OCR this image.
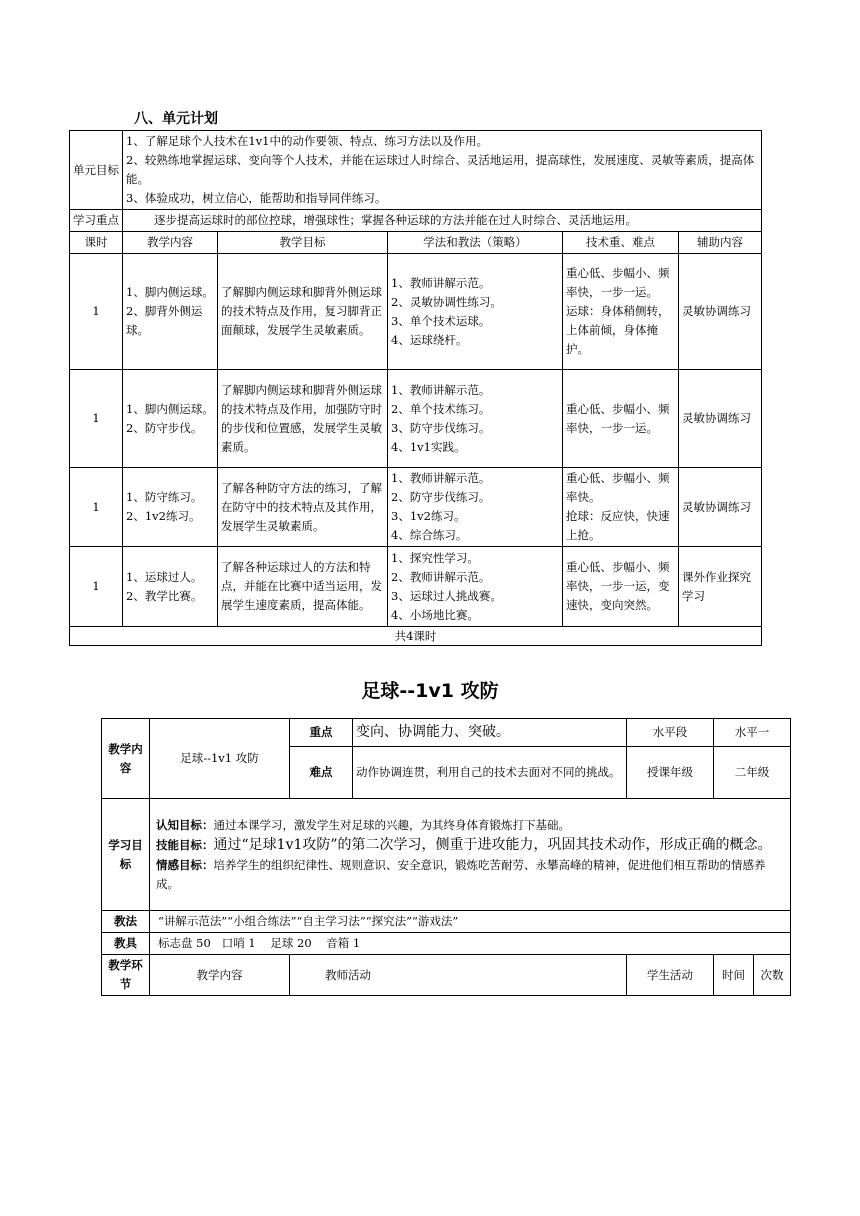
八、单元计划
单元目标	1、了解足球个人技术在1v1中的动作要领、特点、练习方法以及作用。
2、较熟练地掌握运球、变向等个人技术，并能在运球过人时综合、灵活地运用，提高球性，发展速度、灵敏等素质，提高体能。
3、体验成功，树立信心，能帮助和指导同伴练习。				

学习重点	逐步提高运球时的部位控球，增强球性；掌握各种运球的方法并能在过人时综合、灵活地运用。				
课时	教学内容	教学目标	学法和教法（策略）	技术重、难点	辅助内容
1	1、脚内侧运球。
2、脚背外侧运球。	了解脚内侧运球和脚背外侧运球的技术特点及作用，复习脚背正面颠球，发展学生灵敏素质。	1、教师讲解示范。
2、灵敏协调性练习。
3、单个技术运球。
4、运球绕杆。	重心低、步幅小、频率快，一步一运。
运球：身体稍侧转，上体前倾，身体掩护。	灵敏协调练习
1	1、脚内侧运球。
2、防守步伐。	了解脚内侧运球和脚背外侧运球的技术特点及作用，加强防守时的步伐和位置感，发展学生灵敏素质。	1、教师讲解示范。
2、单个技术练习。
3、防守步伐练习。
4、1v1实践。	重心低、步幅小、频率快，一步一运。	灵敏协调练习
1	1、防守练习。
2、1v2练习。	了解各种防守方法的练习，了解在防守中的技术特点及其作用，发展学生灵敏素质。	1、教师讲解示范。
2、防守步伐练习。
3、1v2练习。
4、综合练习。	重心低、步幅小、频率快。
抢球：反应快，快速上抢。	灵敏协调练习
1	1、运球过人。
2、教学比赛。	了解各种运球过人的方法和特点，并能在比赛中适当运用，发展学生速度素质，提高体能。	1、探究性学习。
2、教师讲解示范。
3、运球过人挑战赛。
4、小场地比赛。	重心低、步幅小、频率快，一步一运，变速快，变向突然。	课外作业探究学习
共4课时					
足球--1v1 攻防
教学内容	足球--1v1 攻防	重点	变向、协调能力、突破。	水平段	水平一	
		难点	动作协调连贯，利用自己的技术去面对不同的挑战。	授课年级	二年级	
学习目标	认知目标：通过本课学习，激发学生对足球的兴趣，为其终身体育锻炼打下基础。
技能目标：通过“足球1v1攻防”的第二次学习，侧重于进攻能力，巩固其技术动作，形成正确的概念。
情感目标：培养学生的组织纪律性、规则意识、安全意识，锻炼吃苦耐劳、永攀高峰的精神，促进他们相互帮助的情感养成。					

教法	“讲解示范法”“小组合练法”“自主学习法”“探究法”“游戏法”					
教具	标志盘 50   口哨 1    足球 20    音箱 1					
教学环节	教学内容	教师活动		学生活动	时间	次数
